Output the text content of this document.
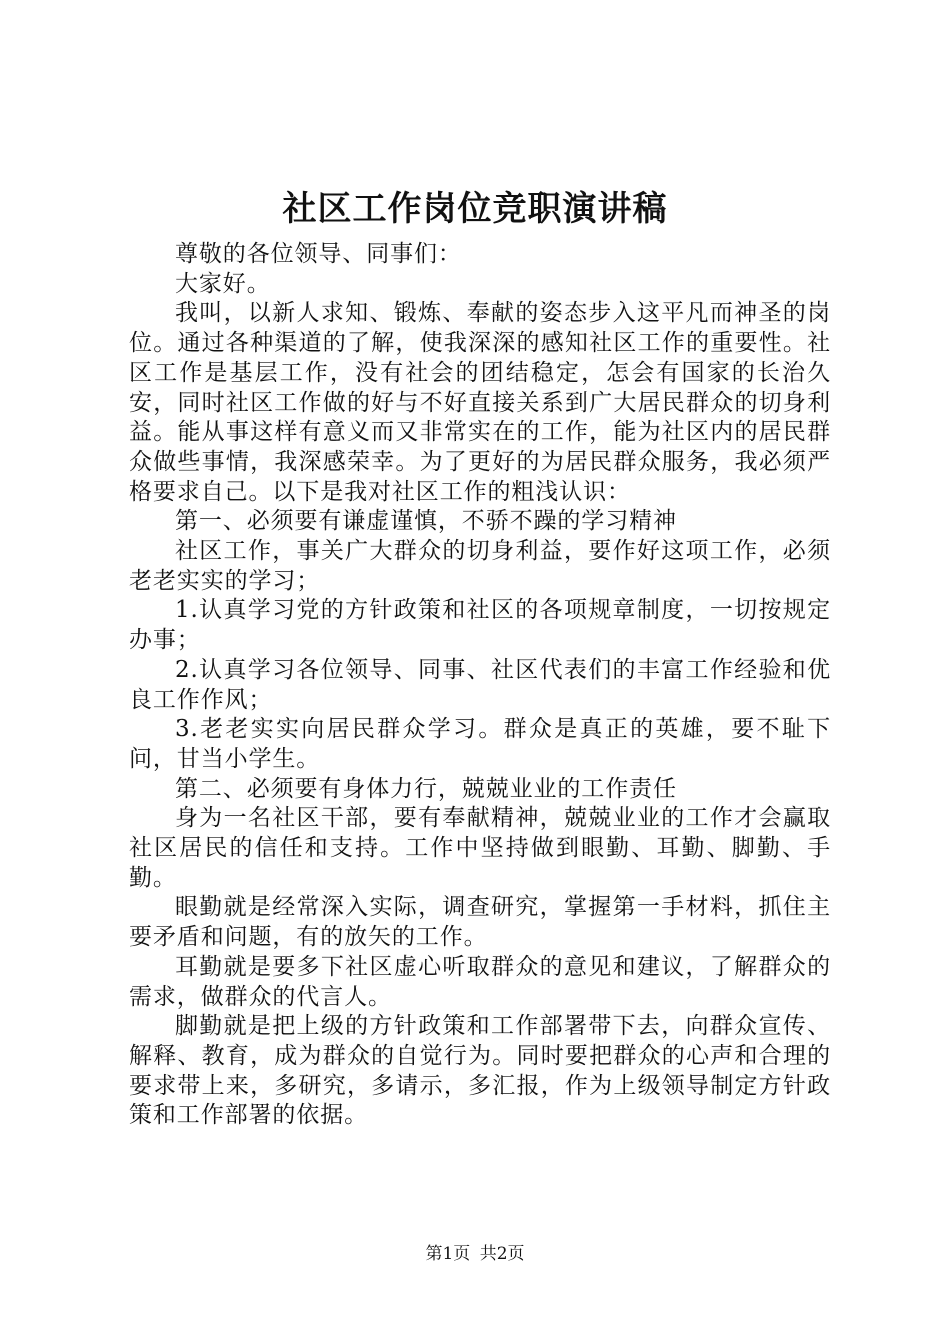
社区工作岗位竞职演讲稿

尊敬的各位领导、同事们：

大家好。

我叫，以新人求知、锻炼、奉献的姿态步入这平凡而神圣的岗位。通过各种渠道的了解，使我深深的感知社区工作的重要性。社区工作是基层工作，没有社会的团结稳定，怎会有国家的长治久安，同时社区工作做的好与不好直接关系到广大居民群众的切身利益。能从事这样有意义而又非常实在的工作，能为社区内的居民群众做些事情，我深感荣幸。为了更好的为居民群众服务，我必须严格要求自己。以下是我对社区工作的粗浅认识：

第一、必须要有谦虚谨慎，不骄不躁的学习精神

社区工作，事关广大群众的切身利益，要作好这项工作，必须老老实实的学习；

1.认真学习党的方针政策和社区的各项规章制度，一切按规定办事；

2.认真学习各位领导、同事、社区代表们的丰富工作经验和优良工作作风；

3.老老实实向居民群众学习。群众是真正的英雄，要不耻下问，甘当小学生。

第二、必须要有身体力行，兢兢业业的工作责任

身为一名社区干部，要有奉献精神，兢兢业业的工作才会赢取社区居民的信任和支持。工作中坚持做到眼勤、耳勤、脚勤、手勤。

眼勤就是经常深入实际，调查研究，掌握第一手材料，抓住主要矛盾和问题，有的放矢的工作。

耳勤就是要多下社区虚心听取群众的意见和建议，了解群众的需求，做群众的代言人。

脚勤就是把上级的方针政策和工作部署带下去，向群众宣传、解释、教育，成为群众的自觉行为。同时要把群众的心声和合理的要求带上来，多研究，多请示，多汇报，作为上级领导制定方针政策和工作部署的依据。

第1页 共2页
